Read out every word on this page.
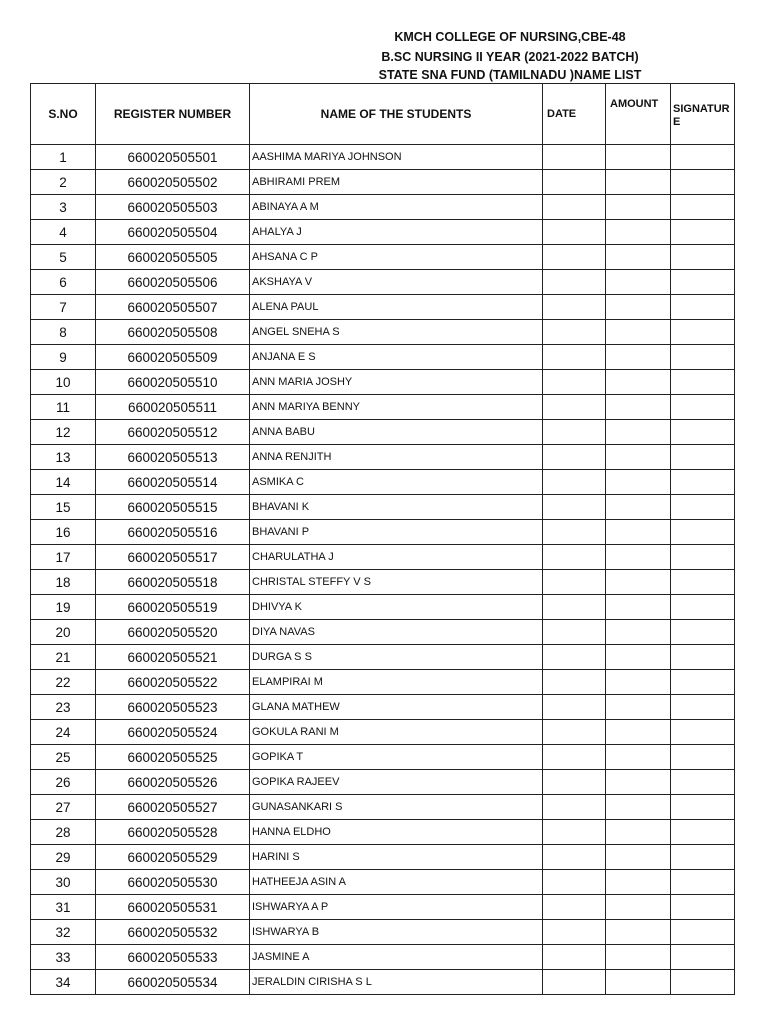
KMCH COLLEGE OF NURSING,CBE-48
B.SC NURSING II YEAR (2021-2022 BATCH)
STATE SNA FUND (TAMILNADU )NAME LIST
S.NO	REGISTER NUMBER	NAME OF THE STUDENTS	DATE	AMOUNT	SIGNATURE
1	660020505501	AASHIMA MARIYA JOHNSON			
2	660020505502	ABHIRAMI PREM			
3	660020505503	ABINAYA A M			
4	660020505504	AHALYA J			
5	660020505505	AHSANA C P			
6	660020505506	AKSHAYA V			
7	660020505507	ALENA PAUL			
8	660020505508	ANGEL SNEHA S			
9	660020505509	ANJANA E S			
10	660020505510	ANN MARIA JOSHY			
11	660020505511	ANN MARIYA BENNY			
12	660020505512	ANNA BABU			
13	660020505513	ANNA RENJITH			
14	660020505514	ASMIKA C			
15	660020505515	BHAVANI K			
16	660020505516	BHAVANI P			
17	660020505517	CHARULATHA J			
18	660020505518	CHRISTAL STEFFY V S			
19	660020505519	DHIVYA K			
20	660020505520	DIYA NAVAS			
21	660020505521	DURGA S S			
22	660020505522	ELAMPIRAI M			
23	660020505523	GLANA MATHEW			
24	660020505524	GOKULA RANI M			
25	660020505525	GOPIKA T			
26	660020505526	GOPIKA RAJEEV			
27	660020505527	GUNASANKARI S			
28	660020505528	HANNA ELDHO			
29	660020505529	HARINI S			
30	660020505530	HATHEEJA ASIN A			
31	660020505531	ISHWARYA A P			
32	660020505532	ISHWARYA B			
33	660020505533	JASMINE A			
34	660020505534	JERALDIN CIRISHA S L			
